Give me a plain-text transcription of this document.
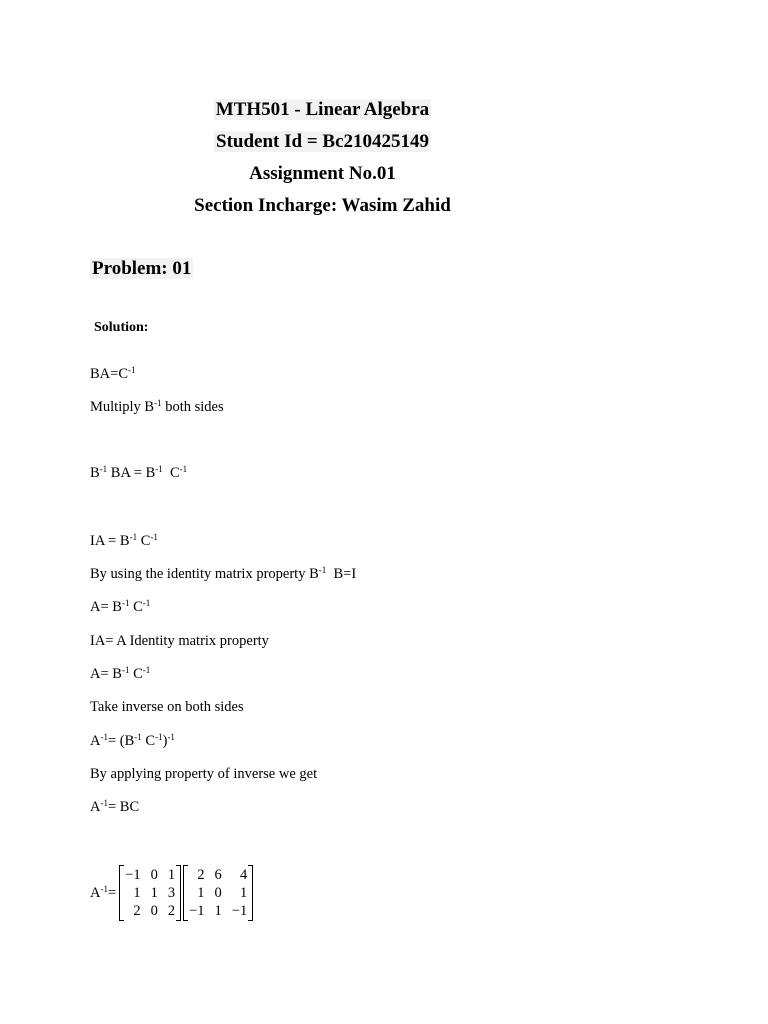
MTH501 - Linear Algebra
Student Id = Bc210425149
Assignment No.01
Section Incharge: Wasim Zahid
Problem: 01
Solution:
$BA=C^{-1}$
Multiply $B^{-1}$ both sides
$B^{-1}$ BA = $B^{-1}$  $C^{-1}$
IA = $B^{-1}$ $C^{-1}$
By using the identity matrix property $B^{-1}$  B=I
$A= B^{-1}$ $C^{-1}$
IA= A Identity matrix property
$A= B^{-1}$ $C^{-1}$
Take inverse on both sides
$A^{-1}= (B^{-1}$ $C^{-1})^{-1}$
By applying property of inverse we get
$A^{-1}=$ BC
$A^{-1}=$
−1 0 1
1 1 3
2 0 2
2 6	4
1 0	1
−1 1 −1
